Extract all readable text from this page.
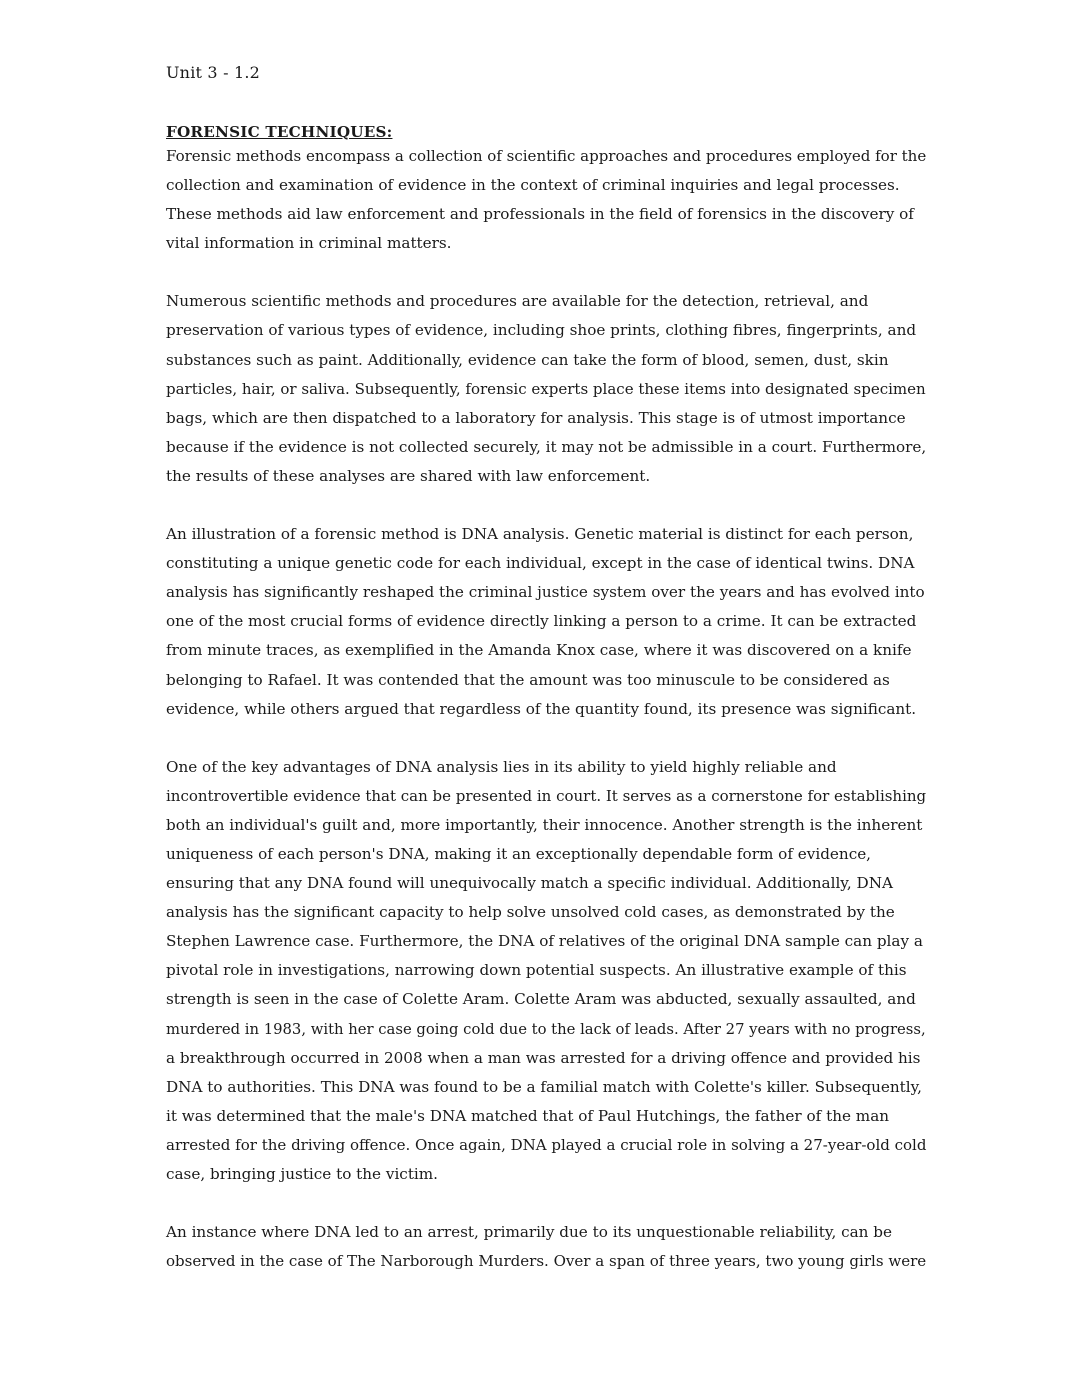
Unit 3 - 1.2
FORENSIC TECHNIQUES:
Forensic methods encompass a collection of scientific approaches and procedures employed for the
collection and examination of evidence in the context of criminal inquiries and legal processes.
These methods aid law enforcement and professionals in the field of forensics in the discovery of
vital information in criminal matters.
Numerous scientific methods and procedures are available for the detection, retrieval, and
preservation of various types of evidence, including shoe prints, clothing fibres, fingerprints, and
substances such as paint. Additionally, evidence can take the form of blood, semen, dust, skin
particles, hair, or saliva. Subsequently, forensic experts place these items into designated specimen
bags, which are then dispatched to a laboratory for analysis. This stage is of utmost importance
because if the evidence is not collected securely, it may not be admissible in a court. Furthermore,
the results of these analyses are shared with law enforcement.
An illustration of a forensic method is DNA analysis. Genetic material is distinct for each person,
constituting a unique genetic code for each individual, except in the case of identical twins. DNA
analysis has significantly reshaped the criminal justice system over the years and has evolved into
one of the most crucial forms of evidence directly linking a person to a crime. It can be extracted
from minute traces, as exemplified in the Amanda Knox case, where it was discovered on a knife
belonging to Rafael. It was contended that the amount was too minuscule to be considered as
evidence, while others argued that regardless of the quantity found, its presence was significant.
One of the key advantages of DNA analysis lies in its ability to yield highly reliable and
incontrovertible evidence that can be presented in court. It serves as a cornerstone for establishing
both an individual's guilt and, more importantly, their innocence. Another strength is the inherent
uniqueness of each person's DNA, making it an exceptionally dependable form of evidence,
ensuring that any DNA found will unequivocally match a specific individual. Additionally, DNA
analysis has the significant capacity to help solve unsolved cold cases, as demonstrated by the
Stephen Lawrence case. Furthermore, the DNA of relatives of the original DNA sample can play a
pivotal role in investigations, narrowing down potential suspects. An illustrative example of this
strength is seen in the case of Colette Aram. Colette Aram was abducted, sexually assaulted, and
murdered in 1983, with her case going cold due to the lack of leads. After 27 years with no progress,
a breakthrough occurred in 2008 when a man was arrested for a driving offence and provided his
DNA to authorities. This DNA was found to be a familial match with Colette's killer. Subsequently,
it was determined that the male's DNA matched that of Paul Hutchings, the father of the man
arrested for the driving offence. Once again, DNA played a crucial role in solving a 27-year-old cold
case, bringing justice to the victim.
An instance where DNA led to an arrest, primarily due to its unquestionable reliability, can be
observed in the case of The Narborough Murders. Over a span of three years, two young girls were
